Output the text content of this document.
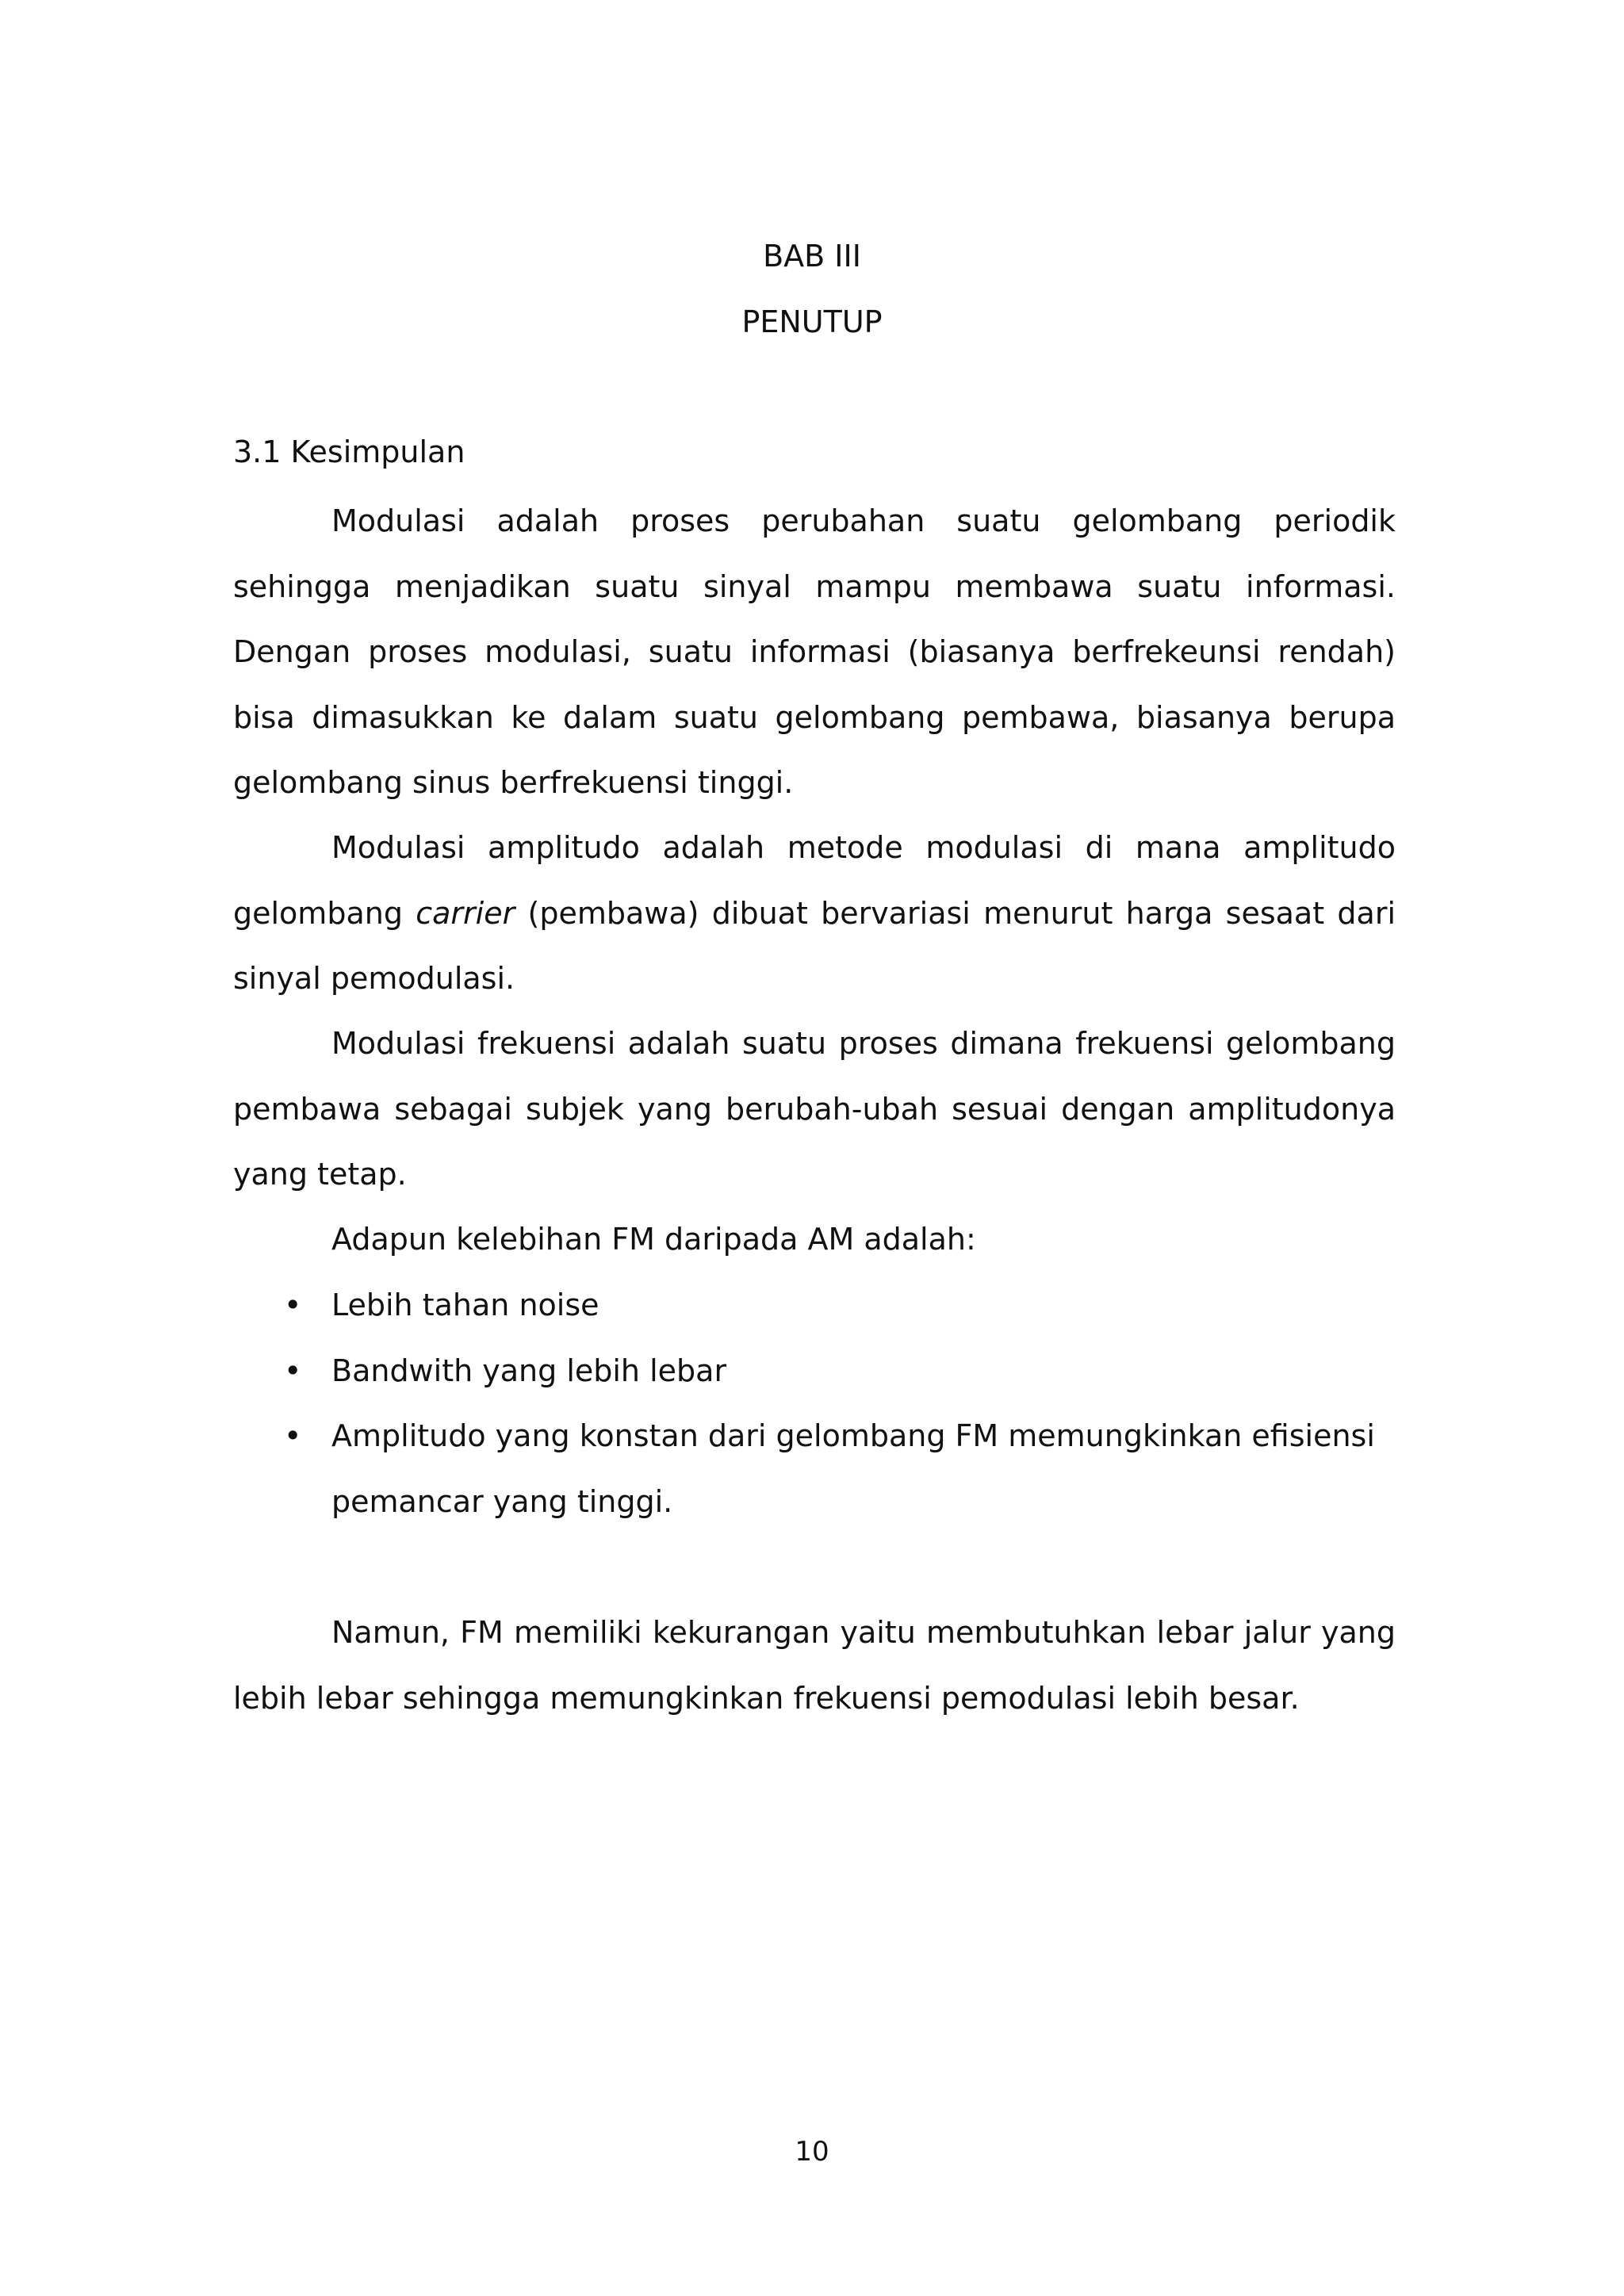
BAB III
PENUTUP
3.1 Kesimpulan

Modulasi adalah proses perubahan suatu gelombang periodik sehingga menjadikan suatu sinyal mampu membawa suatu informasi. Dengan proses modulasi, suatu informasi (biasanya berfrekeunsi rendah) bisa dimasukkan ke dalam suatu gelombang pembawa, biasanya berupa gelombang sinus berfrekuensi tinggi.

Modulasi amplitudo adalah metode modulasi di mana amplitudo gelombang carrier (pembawa) dibuat bervariasi menurut harga sesaat dari sinyal pemodulasi.

Modulasi frekuensi adalah suatu proses dimana frekuensi gelombang pembawa sebagai subjek yang berubah-ubah sesuai dengan amplitudonya yang tetap.

Adapun kelebihan FM daripada AM adalah:

• Lebih tahan noise
• Bandwith yang lebih lebar
• Amplitudo yang konstan dari gelombang FM memungkinkan efisiensi pemancar yang tinggi.

Namun, FM memiliki kekurangan yaitu membutuhkan lebar jalur yang lebih lebar sehingga memungkinkan frekuensi pemodulasi lebih besar.

10
